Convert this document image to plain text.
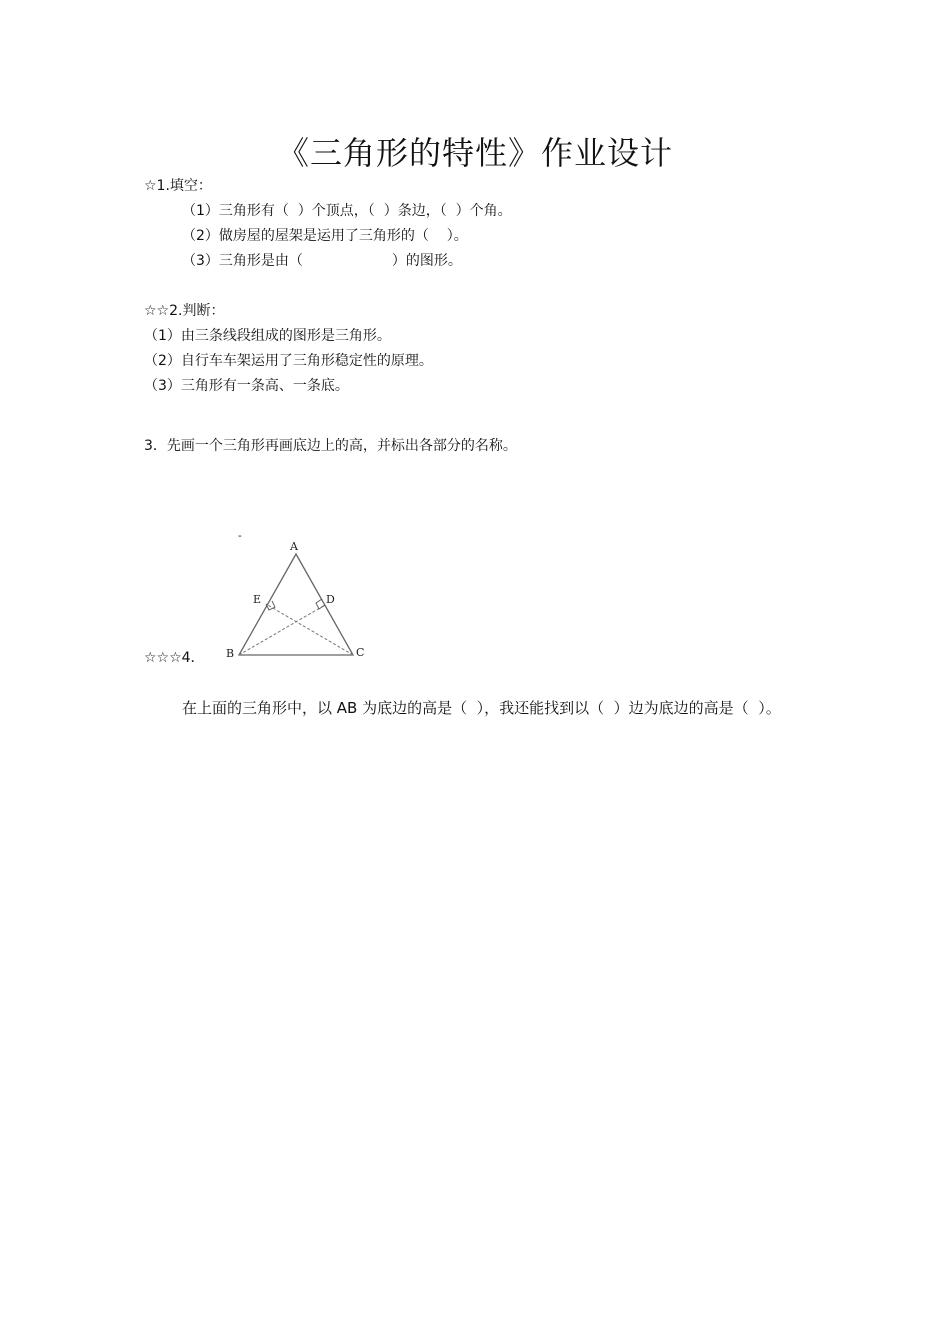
《三角形的特性》作业设计
☆1.填空：
（1）三角形有（  ）个顶点，（  ）条边，（  ）个角。
（2）做房屋的屋架是运用了三角形的（    ）。
（3）三角形是由（                    ）的图形。
☆☆2.判断：
（1）由三条线段组成的图形是三角形。
（2）自行车车架运用了三角形稳定性的原理。
（3）三角形有一条高、一条底。
3．先画一个三角形再画底边上的高，并标出各部分的名称。
☆☆☆4．
-
A
B	C
D
E
在上面的三角形中，以 AB 为底边的高是（  ），我还能找到以（  ）边为底边的高是（  ）。
